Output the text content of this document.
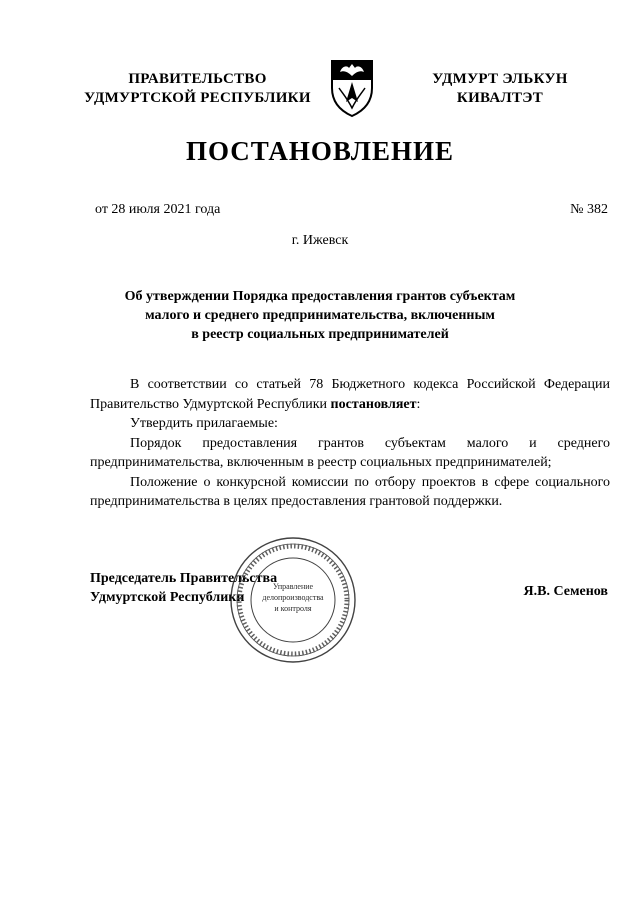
ПРАВИТЕЛЬСТВО
УДМУРТСКОЙ РЕСПУБЛИКИ
УДМУРТ ЭЛЬКУН
КИВАЛТЭТ
ПОСТАНОВЛЕНИЕ
от 28 июля 2021 года	№ 382
г. Ижевск
Об утверждении Порядка предоставления грантов субъектам
малого и среднего предпринимательства, включенным
в реестр социальных предпринимателей

В соответствии со статьей 78 Бюджетного кодекса Российской Федерации Правительство Удмуртской Республики постановляет:

Утвердить прилагаемые:

Порядок предоставления грантов субъектам малого и среднего предпринимательства, включенным в реестр социальных предпринимателей;

Положение о конкурсной комиссии по отбору проектов в сфере социального предпринимательства в целях предоставления грантовой поддержки.

Председатель Правительства
Удмуртской Республики	Я.В. Семенов
Управление
делопроизводства
и контроля
